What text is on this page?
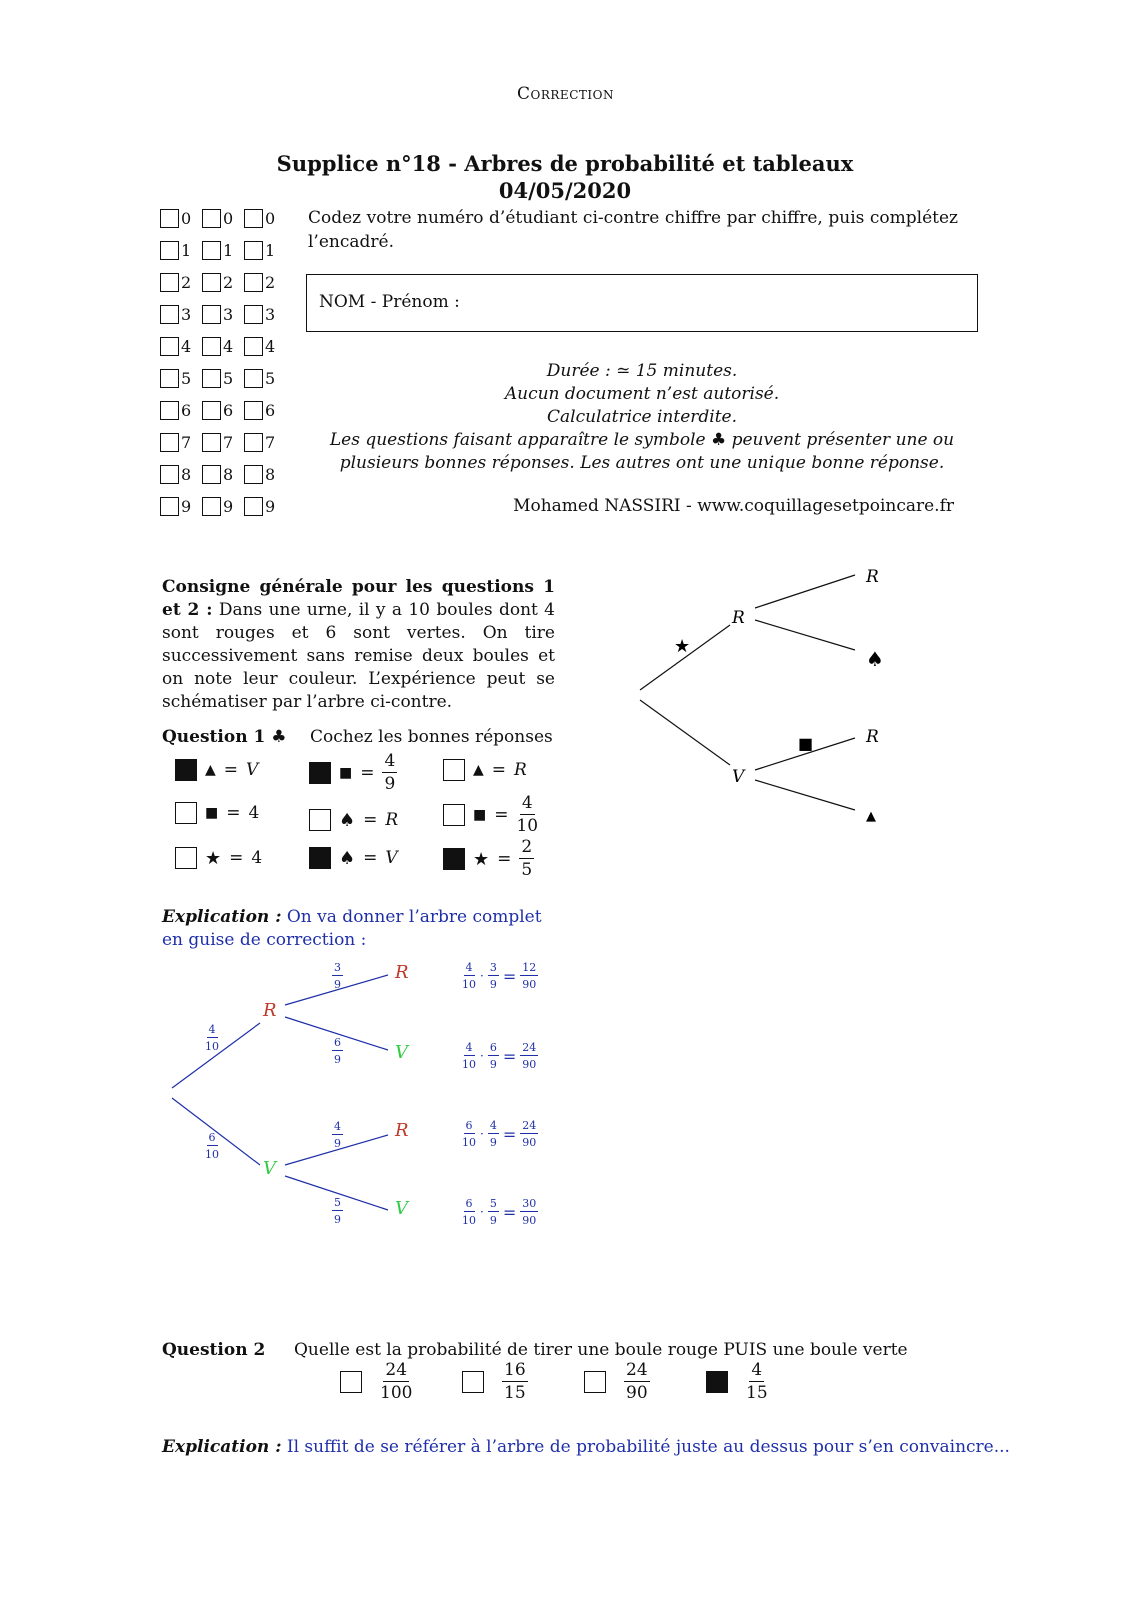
Correction
Supplice n°18 - Arbres de probabilité et tableaux
04/05/2020
0 0 0
1 1 1
2 2 2
3 3 3
4 4 4
5 5 5
6 6 6
7 7 7
8 8 8
9 9 9
Codez votre numéro d’étudiant ci-contre chiffre par chiffre, puis complétez l’encadré.
NOM - Prénom :
Durée : ≃ 15 minutes.
Aucun document n’est autorisé.
Calculatrice interdite.
Les questions faisant apparaître le symbole ♣ peuvent présenter une ou
plusieurs bonnes réponses. Les autres ont une unique bonne réponse.
Mohamed NASSIRI - www.coquillagesetpoincare.fr
Consigne générale pour les questions 1 et 2 : Dans une urne, il y a 10 boules dont 4 sont rouges et 6 sont vertes. On tire successivement sans remise deux boules et on note leur couleur. L’expérience peut se schématiser par l’arbre ci-contre.
R
V
R
♠
R
▲
★
■
Question 1 ♣ Cochez les bonnes réponses
▲ = V
■ = 4
★ = 4
■ = $\frac{4}{9}$
♠ = R
♠ = V
▲ = R
■ = $\frac{4}{10}$
★ = $\frac{2}{5}$
Explication : On va donner l’arbre complet en guise de correction :
R
V
R
V
R
V
$\frac{4}{10}$
$\frac{6}{10}$
$\frac{3}{9}$
$\frac{6}{9}$
$\frac{4}{9}$
$\frac{5}{9}$
$\frac{4}{10} \cdot \frac{3}{9} = \frac{12}{90}$
$\frac{4}{10} \cdot \frac{6}{9} = \frac{24}{90}$
$\frac{6}{10} \cdot \frac{4}{9} = \frac{24}{90}$
$\frac{6}{10} \cdot \frac{5}{9} = \frac{30}{90}$
Question 2 Quelle est la probabilité de tirer une boule rouge PUIS une boule verte
$\frac{24}{100}$	$\frac{16}{15}$	$\frac{24}{90}$	$\frac{4}{15}$
Explication : Il suffit de se référer à l’arbre de probabilité juste au dessus pour s’en convaincre...
